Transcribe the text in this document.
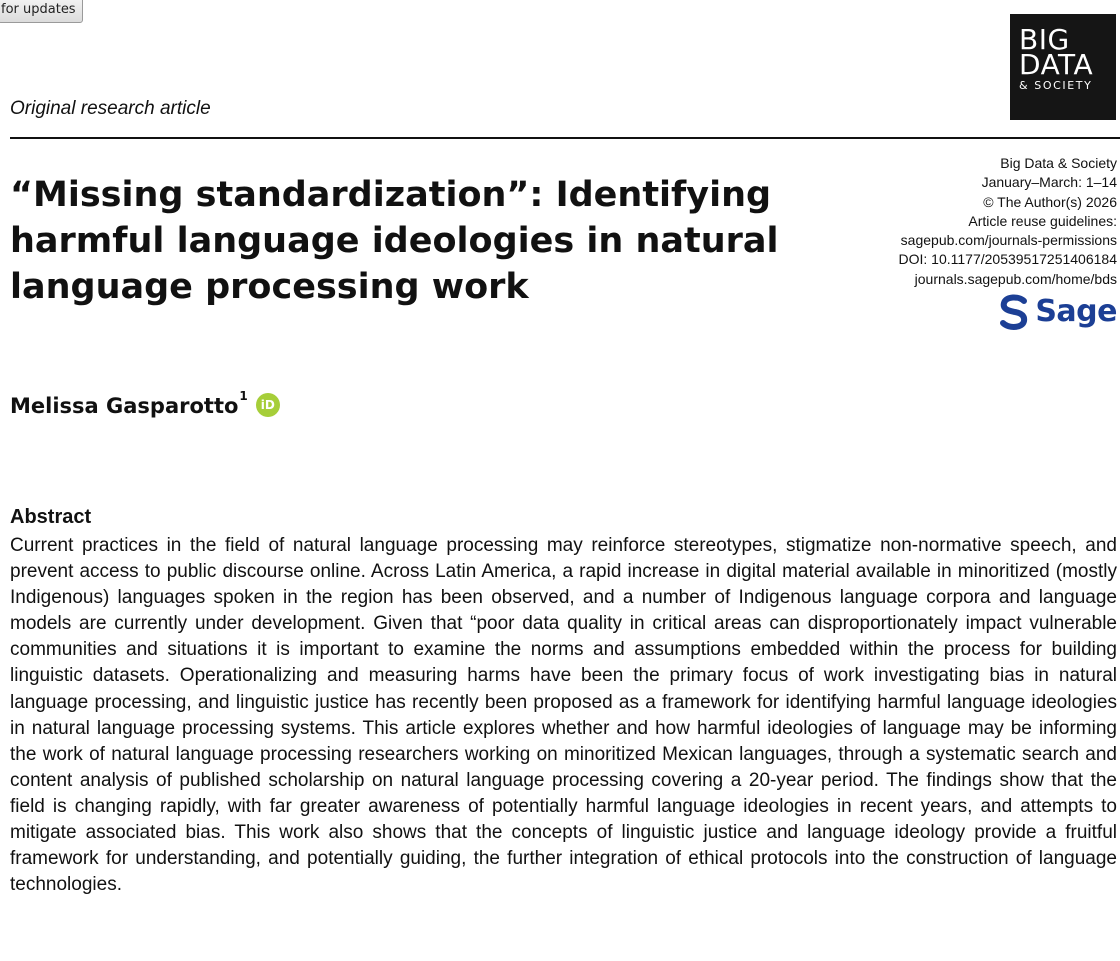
for updates
BIG
DATA
& SOCIETY
Original research article
“Missing standardization”: Identifying harmful language ideologies in natural language processing work
Big Data & Society
January–March: 1–14
© The Author(s) 2026
Article reuse guidelines:
sagepub.com/journals-permissions
DOI: 10.1177/20539517251406184
journals.sagepub.com/home/bds
Sage
Melissa Gasparotto$^1$
iD
Abstract

Current practices in the field of natural language processing may reinforce stereotypes, stigmatize non-normative speech, and prevent access to public discourse online. Across Latin America, a rapid increase in digital material available in minoritized (mostly Indigenous) languages spoken in the region has been observed, and a number of Indigenous language corpora and language models are currently under development. Given that “poor data quality in critical areas can disproportionately impact vulnerable communities and situations it is important to examine the norms and assumptions embedded within the process for building linguistic datasets. Operationalizing and measuring harms have been the primary focus of work investigating bias in natural language processing, and linguistic justice has recently been proposed as a framework for identifying harmful language ideologies in natural language processing systems. This article explores whether and how harmful ideologies of language may be informing the work of natural language processing researchers working on minoritized Mexican languages, through a systematic search and content analysis of published scholarship on natural language processing covering a 20-year period. The findings show that the field is changing rapidly, with far greater awareness of potentially harmful language ideologies in recent years, and attempts to mitigate associated bias. This work also shows that the concepts of linguistic justice and language ideology provide a fruitful framework for understanding, and potentially guiding, the further integration of ethical protocols into the construction of language technologies.
